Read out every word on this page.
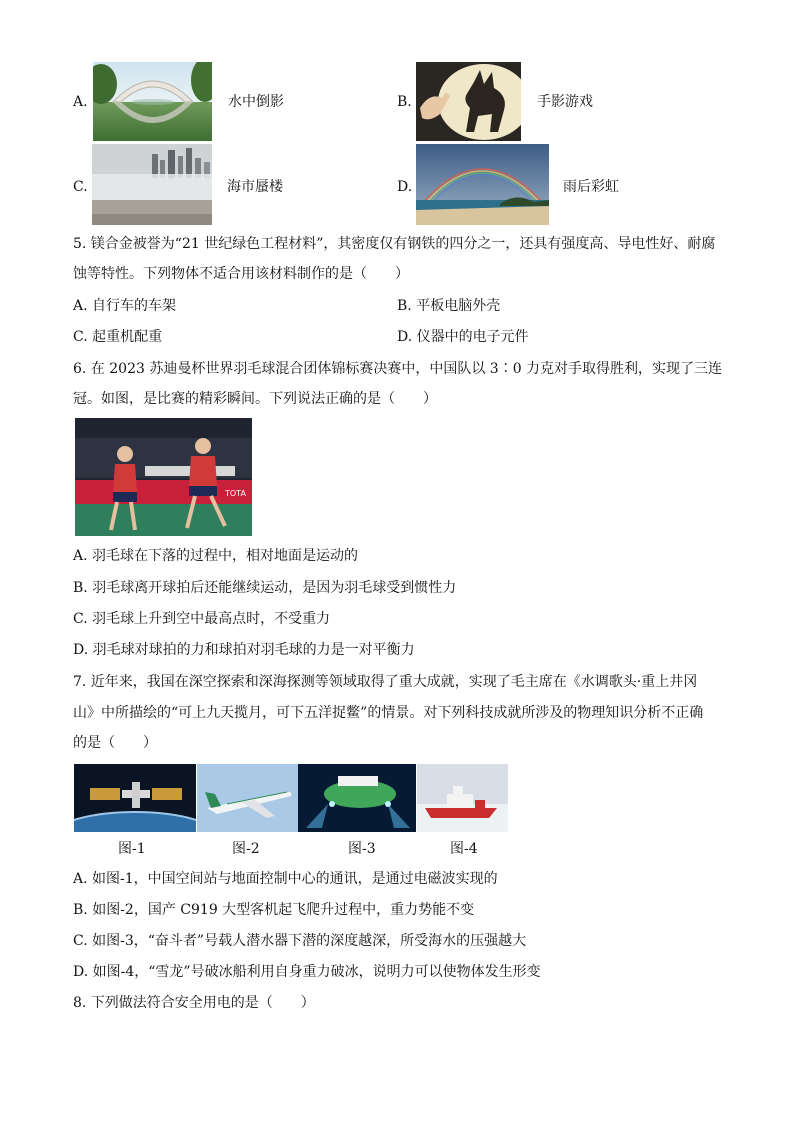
A.	水中倒影	B.	手影游戏
C.	海市蜃楼	D.	雨后彩虹
5. 镁合金被誉为“21 世纪绿色工程材料”，其密度仅有钢铁的四分之一，还具有强度高、导电性好、耐腐
蚀等特性。下列物体不适合用该材料制作的是（　　）
A. 自行车的车架	B. 平板电脑外壳
C. 起重机配重	D. 仪器中的电子元件
6. 在 2023 苏迪曼杯世界羽毛球混合团体锦标赛决赛中，中国队以 3∶0 力克对手取得胜利，实现了三连
冠。如图，是比赛的精彩瞬间。下列说法正确的是（　　）
TOTA
A. 羽毛球在下落的过程中，相对地面是运动的
B. 羽毛球离开球拍后还能继续运动，是因为羽毛球受到惯性力
C. 羽毛球上升到空中最高点时，不受重力
D. 羽毛球对球拍的力和球拍对羽毛球的力是一对平衡力
7. 近年来，我国在深空探索和深海探测等领域取得了重大成就，实现了毛主席在《水调歌头·重上井冈
山》中所描绘的“可上九天揽月，可下五洋捉鳖”的情景。对下列科技成就所涉及的物理知识分析不正确
的是（　　）
图-1	图-2	图-3	图-4
A. 如图-1，中国空间站与地面控制中心的通讯，是通过电磁波实现的
B. 如图-2，国产 C919 大型客机起飞爬升过程中，重力势能不变
C. 如图-3，“奋斗者”号载人潜水器下潜的深度越深，所受海水的压强越大
D. 如图-4，“雪龙”号破冰船利用自身重力破冰，说明力可以使物体发生形变
8. 下列做法符合安全用电的是（　　）
